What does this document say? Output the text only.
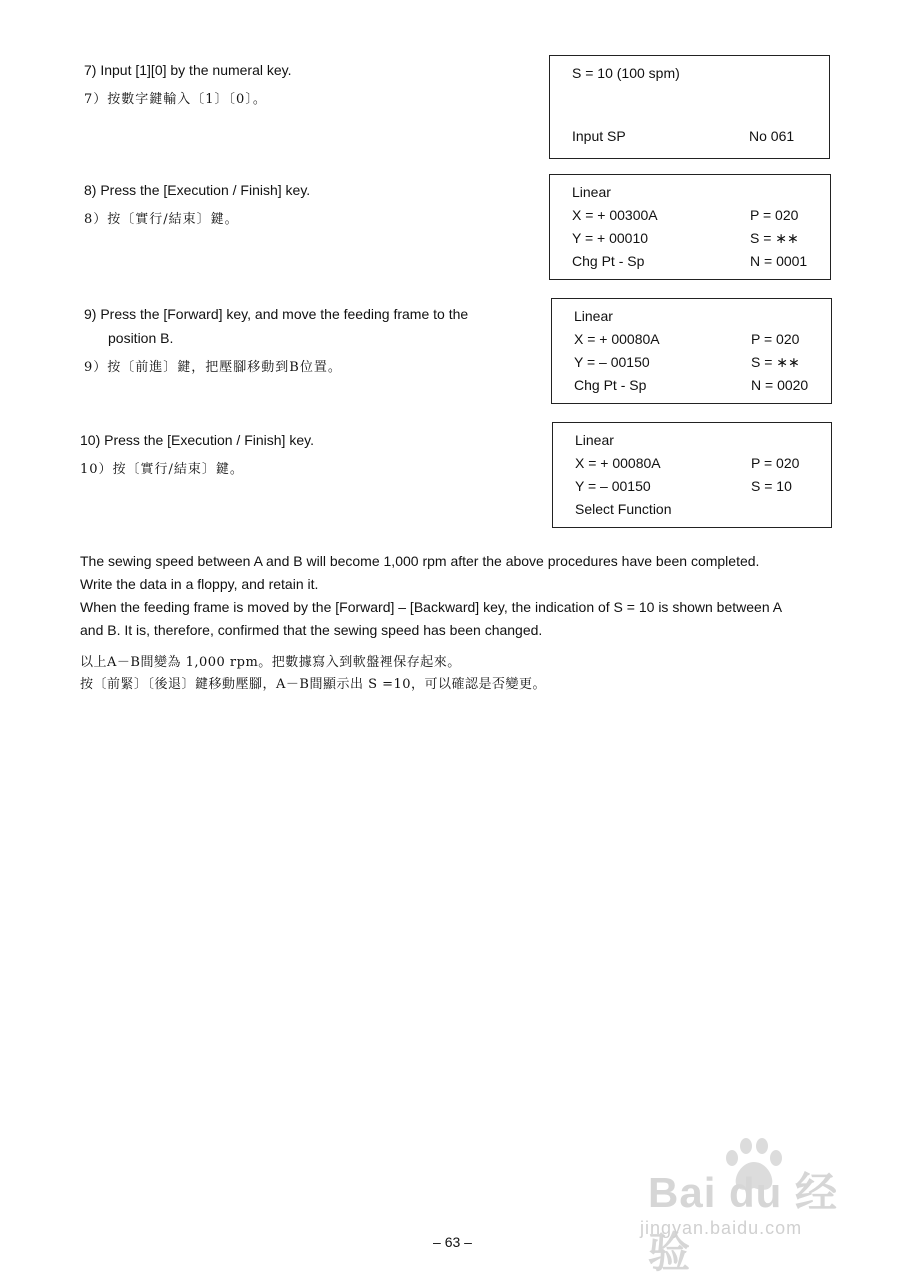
7) Input [1][0] by the numeral key.
7）按數字鍵輸入〔1〕〔0〕。
S = 10 (100 spm)
Input SP	No 061
8) Press the [Execution / Finish] key.
8）按〔實行/結束〕鍵。
Linear
X = + 00300A	P = 020
Y = + 00010	S = ∗∗
Chg Pt - Sp	N = 0001
9) Press the [Forward] key, and move the feeding frame to the
position B.
9）按〔前進〕鍵，把壓腳移動到B位置。
Linear
X = + 00080A	P = 020
Y = – 00150	S = ∗∗
Chg Pt - Sp	N = 0020
10) Press the [Execution / Finish] key.
10）按〔實行/結束〕鍵。
Linear
X = + 00080A	P = 020
Y = – 00150	S = 10
Select Function
The sewing speed between A and B will become 1,000 rpm after the above procedures have been completed.
Write the data in a floppy, and retain it.
When the feeding frame is moved by the [Forward] – [Backward] key, the indication of S = 10 is shown between A
and B. It is, therefore, confirmed that the sewing speed has been changed.
以上A－B間變為 1,000 rpm。把數據寫入到軟盤裡保存起來。
按〔前緊〕〔後退〕鍵移動壓腳，A－B間顯示出 S =10，可以確認是否變更。
Bai du 经验
jingyan.baidu.com
– 63 –
